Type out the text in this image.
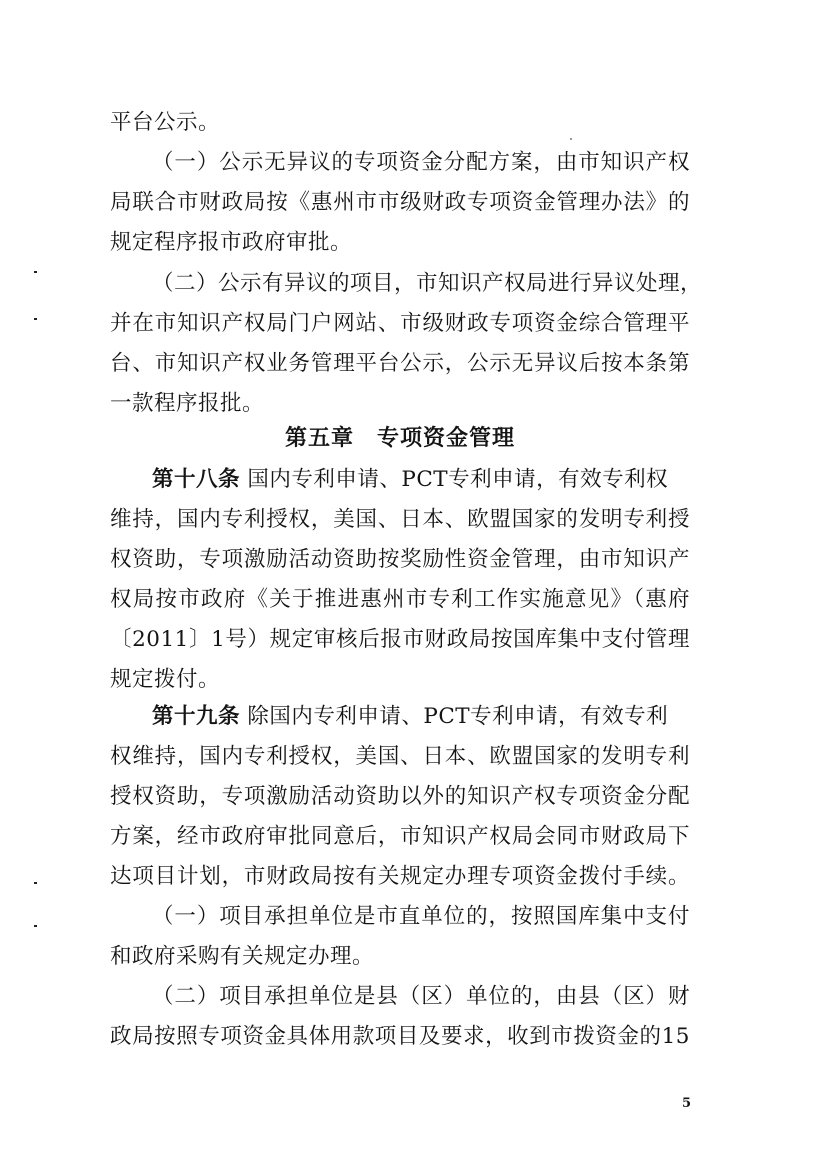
平台公示。
（一）公示无异议的专项资金分配方案，由市知识产权
局联合市财政局按《惠州市市级财政专项资金管理办法》的
规定程序报市政府审批。
（二）公示有异议的项目，市知识产权局进行异议处理，
并在市知识产权局门户网站、市级财政专项资金综合管理平
台、市知识产权业务管理平台公示，公示无异议后按本条第
一款程序报批。
第五章　专项资金管理
第十八条 国内专利申请、PCT专利申请，有效专利权
维持，国内专利授权，美国、日本、欧盟国家的发明专利授
权资助，专项激励活动资助按奖励性资金管理，由市知识产
权局按市政府《关于推进惠州市专利工作实施意见》（惠府
〔2011〕1号）规定审核后报市财政局按国库集中支付管理
规定拨付。
第十九条 除国内专利申请、PCT专利申请，有效专利
权维持，国内专利授权，美国、日本、欧盟国家的发明专利
授权资助，专项激励活动资助以外的知识产权专项资金分配
方案，经市政府审批同意后，市知识产权局会同市财政局下
达项目计划，市财政局按有关规定办理专项资金拨付手续。
（一）项目承担单位是市直单位的，按照国库集中支付
和政府采购有关规定办理。
（二）项目承担单位是县（区）单位的，由县（区）财
政局按照专项资金具体用款项目及要求，收到市拨资金的15
5
